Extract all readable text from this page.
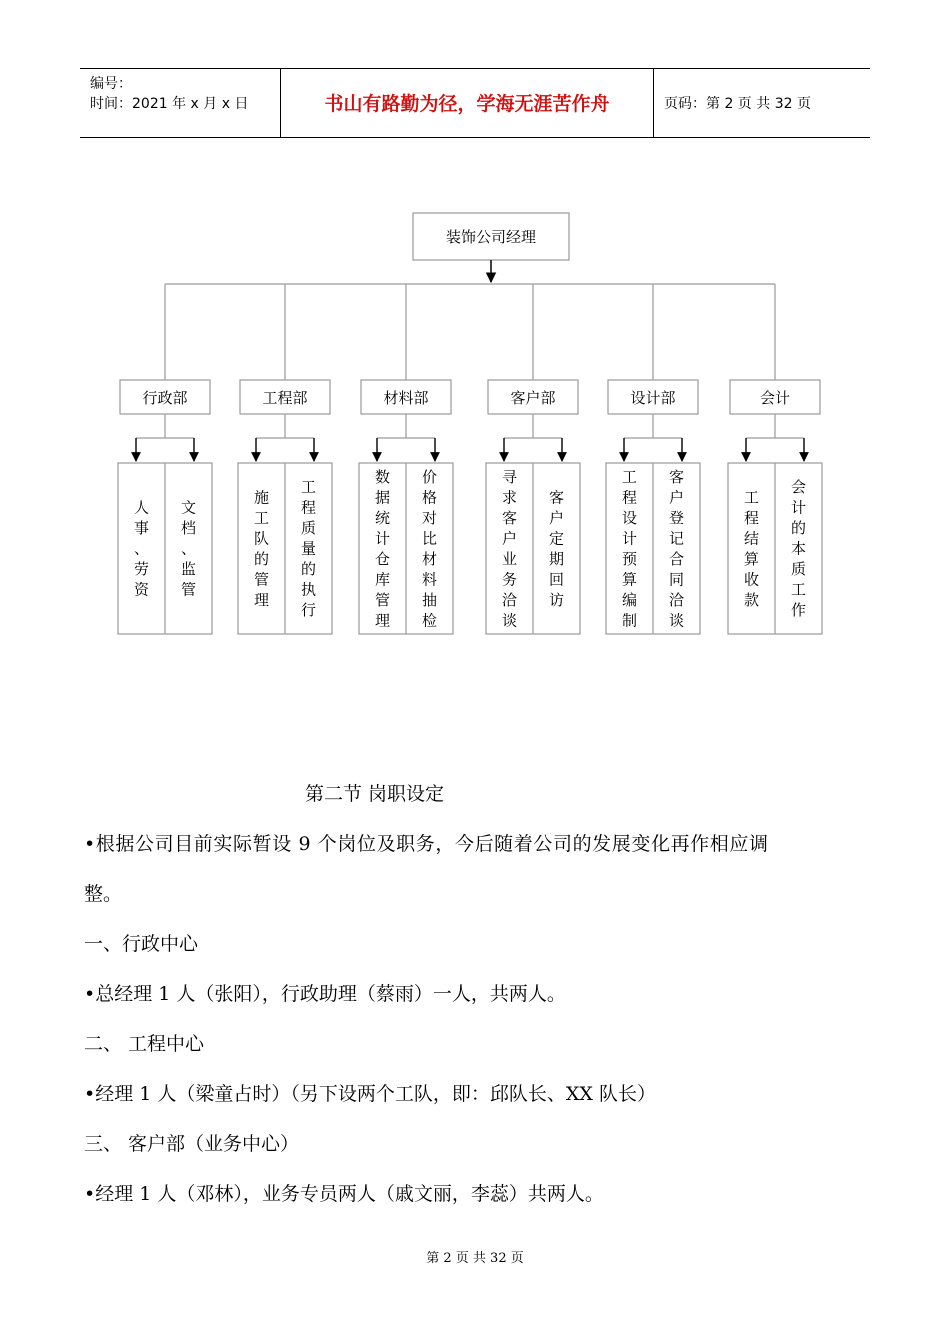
编号：
时间：2021 年 x 月 x 日	书山有路勤为径，学海无涯苦作舟	页码：第 2 页 共 32 页
装饰公司经理
行政部
人事、劳资
文档、监管
工程部
施工队的管理
工程质量的执行
材料部
数据统计仓库管理
价格对比材料抽检
客户部
寻求客户业务洽谈
客户定期回访
设计部
工程设计预算编制
客户登记合同洽谈
会计
工程结算收款
会计的本质工作
第二节 岗职设定
•根据公司目前实际暂设 9 个岗位及职务，今后随着公司的发展变化再作相应调
整。
一、行政中心
•总经理 1 人（张阳），行政助理（蔡雨）一人，共两人。
二、 工程中心
•经理 1 人（梁童占时）（另下设两个工队，即：邱队长、XX 队长）
三、 客户部（业务中心）
•经理 1 人（邓林），业务专员两人（戚文丽，李蕊）共两人。
第 2 页 共 32 页
